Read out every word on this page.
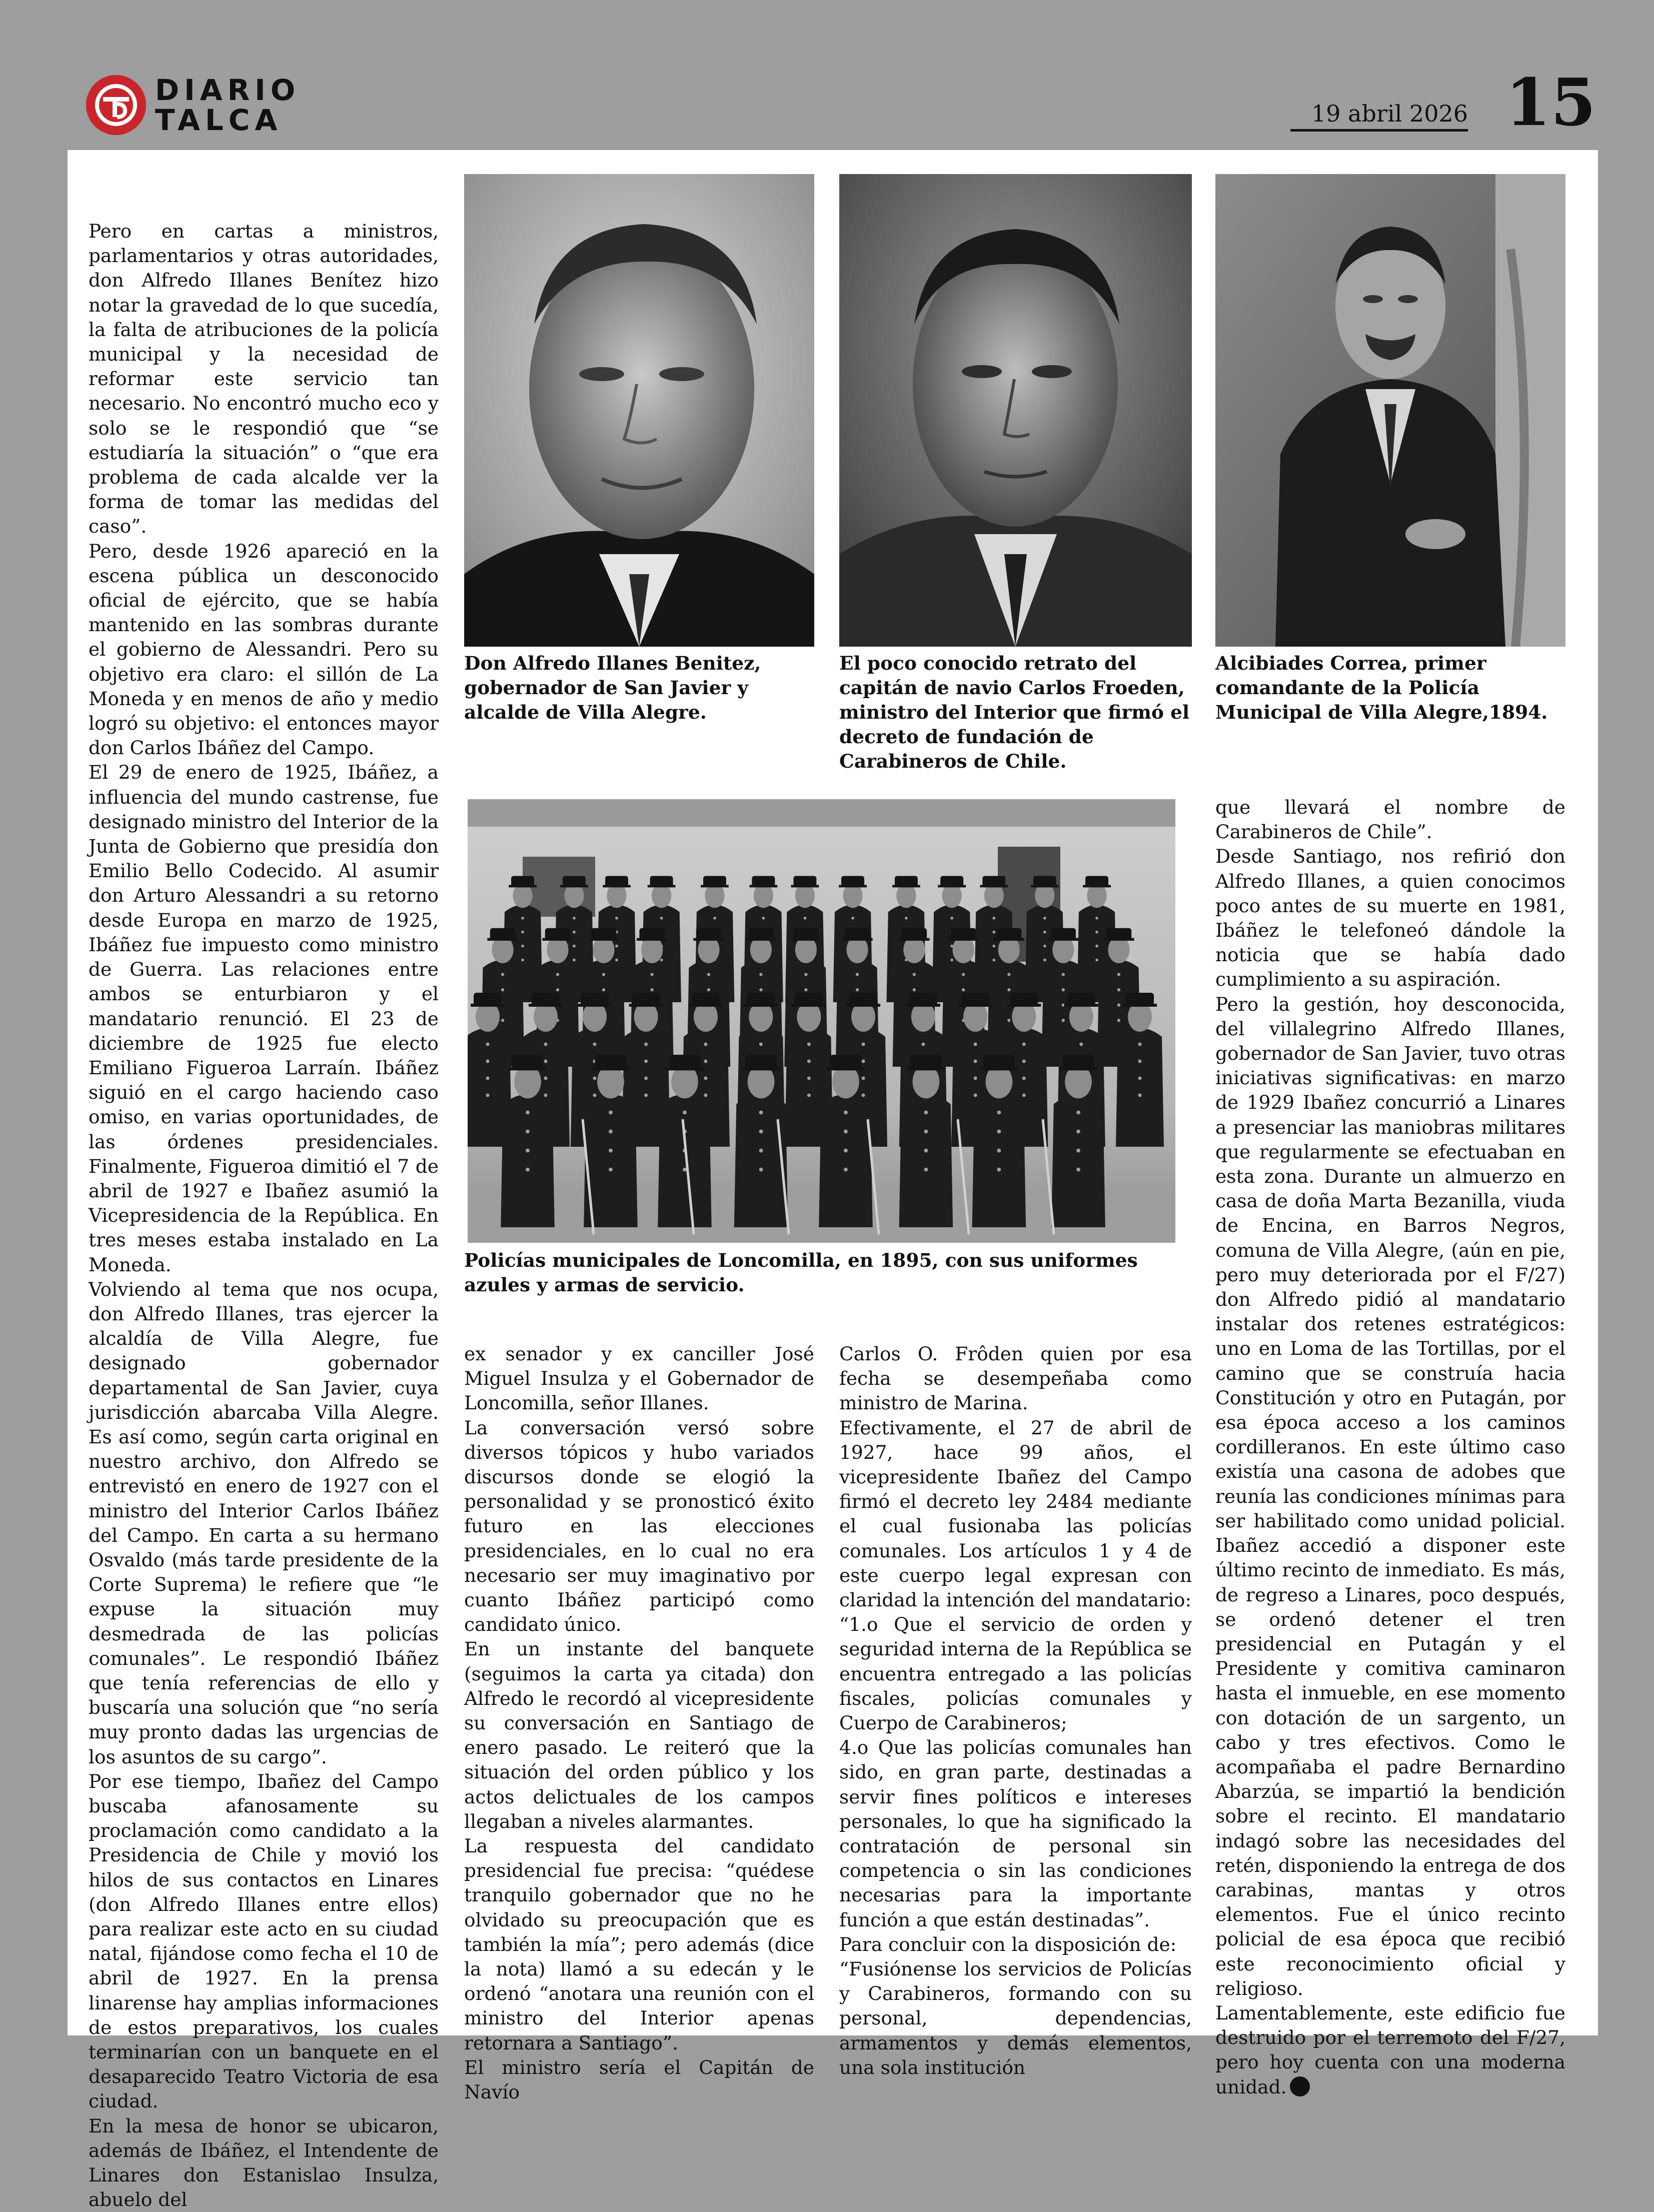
DIARIO
TALCA	19 abril 2026 15

Pero en cartas a ministros, parlamentarios y otras autoridades, don Alfredo Illanes Benítez hizo notar la gravedad de lo que sucedía, la falta de atribuciones de la policía municipal y la necesidad de reformar este servicio tan necesario. No encontró mucho eco y solo se le respondió que “se estudiaría la situación” o “que era problema de cada alcalde ver la forma de tomar las medidas del caso”.

Pero, desde 1926 apareció en la escena pública un desconocido oficial de ejército, que se había mantenido en las sombras durante el gobierno de Alessandri. Pero su objetivo era claro: el sillón de La Moneda y en menos de año y medio logró su objetivo: el entonces mayor don Carlos Ibáñez del Campo.

El 29 de enero de 1925, Ibáñez, a influencia del mundo castrense, fue designado ministro del Interior de la Junta de Gobierno que presidía don Emilio Bello Codecido. Al asumir don Arturo Alessandri a su retorno desde Europa en marzo de 1925, Ibáñez fue impuesto como ministro de Guerra. Las relaciones entre ambos se enturbiaron y el mandatario renunció. El 23 de diciembre de 1925 fue electo Emiliano Figueroa Larraín. Ibáñez siguió en el cargo haciendo caso omiso, en varias oportunidades, de las órdenes presidenciales. Finalmente, Figueroa dimitió el 7 de abril de 1927 e Ibañez asumió la Vicepresidencia de la República. En tres meses estaba instalado en La Moneda.

Volviendo al tema que nos ocupa, don Alfredo Illanes, tras ejercer la alcaldía de Villa Alegre, fue designado gobernador departamental de San Javier, cuya jurisdicción abarcaba Villa Alegre. Es así como, según carta original en nuestro archivo, don Alfredo se entrevistó en enero de 1927 con el ministro del Interior Carlos Ibáñez del Campo. En carta a su hermano Osvaldo (más tarde presidente de la Corte Suprema) le refiere que “le expuse la situación muy desmedrada de las policías comunales”. Le respondió Ibáñez que tenía referencias de ello y buscaría una solución que “no sería muy pronto dadas las urgencias de los asuntos de su cargo”.

Por ese tiempo, Ibañez del Campo buscaba afanosamente su proclamación como candidato a la Presidencia de Chile y movió los hilos de sus contactos en Linares (don Alfredo Illanes entre ellos) para realizar este acto en su ciudad natal, fijándose como fecha el 10 de abril de 1927. En la prensa linarense hay amplias informaciones de estos preparativos, los cuales terminarían con un banquete en el desaparecido Teatro Victoria de esa ciudad.

En la mesa de honor se ubicaron, además de Ibáñez, el Intendente de Linares don Estanislao Insulza, abuelo del

Don Alfredo Illanes Benitez, gobernador de San Javier y alcalde de Villa Alegre.
El poco conocido retrato del capitán de navio Carlos Froeden, ministro del Interior que firmó el decreto de fundación de Carabineros de Chile.
Alcibiades Correa, primer comandante de la Policía Municipal de Villa Alegre,1894.
Policías municipales de Loncomilla, en 1895, con sus uniformes azules y armas de servicio.

ex senador y ex canciller José Miguel Insulza y el Gobernador de Loncomilla, señor Illanes.

La conversación versó sobre diversos tópicos y hubo variados discursos donde se elogió la personalidad y se pronosticó éxito futuro en las elecciones presidenciales, en lo cual no era necesario ser muy imaginativo por cuanto Ibáñez participó como candidato único.

En un instante del banquete (seguimos la carta ya citada) don Alfredo le recordó al vicepresidente su conversación en Santiago de enero pasado. Le reiteró que la situación del orden público y los actos delictuales de los campos llegaban a niveles alarmantes.

La respuesta del candidato presidencial fue precisa: “quédese tranquilo gobernador que no he olvidado su preocupación que es también la mía”; pero además (dice la nota) llamó a su edecán y le ordenó “anotara una reunión con el ministro del Interior apenas retornara a Santiago”.

El ministro sería el Capitán de Navío

Carlos O. Frôden quien por esa fecha se desempeñaba como ministro de Marina.

Efectivamente, el 27 de abril de 1927, hace 99 años, el vicepresidente Ibañez del Campo firmó el decreto ley 2484 mediante el cual fusionaba las policías comunales. Los artículos 1 y 4 de este cuerpo legal expresan con claridad la intención del mandatario:

“1.o Que el servicio de orden y seguridad interna de la República se encuentra entregado a las policías fiscales, policías comunales y Cuerpo de Carabineros;

4.o Que las policías comunales han sido, en gran parte, destinadas a servir fines políticos e intereses personales, lo que ha significado la contratación de personal sin competencia o sin las condiciones necesarias para la importante función a que están destinadas”.

Para concluir con la disposición de:

“Fusiónense los servicios de Policías y Carabineros, formando con su personal, dependencias, armamentos y demás elementos, una sola institución

que llevará el nombre de Carabineros de Chile”.

Desde Santiago, nos refirió don Alfredo Illanes, a quien conocimos poco antes de su muerte en 1981, Ibáñez le telefoneó dándole la noticia que se había dado cumplimiento a su aspiración.

Pero la gestión, hoy desconocida, del villalegrino Alfredo Illanes, gobernador de San Javier, tuvo otras iniciativas significativas: en marzo de 1929 Ibañez concurrió a Linares a presenciar las maniobras militares que regularmente se efectuaban en esta zona. Durante un almuerzo en casa de doña Marta Bezanilla, viuda de Encina, en Barros Negros, comuna de Villa Alegre, (aún en pie, pero muy deteriorada por el F/27) don Alfredo pidió al mandatario instalar dos retenes estratégicos: uno en Loma de las Tortillas, por el camino que se construía hacia Constitución y otro en Putagán, por esa época acceso a los caminos cordilleranos. En este último caso existía una casona de adobes que reunía las condiciones mínimas para ser habilitado como unidad policial. Ibañez accedió a disponer este último recinto de inmediato. Es más, de regreso a Linares, poco después, se ordenó detener el tren presidencial en Putagán y el Presidente y comitiva caminaron hasta el inmueble, en ese momento con dotación de un sargento, un cabo y tres efectivos. Como le acompañaba el padre Bernardino Abarzúa, se impartió la bendición sobre el recinto. El mandatario indagó sobre las necesidades del retén, disponiendo la entrega de dos carabinas, mantas y otros elementos. Fue el único recinto policial de esa época que recibió este reconocimiento oficial y religioso.

Lamentablemente, este edificio fue destruido por el terremoto del F/27, pero hoy cuenta con una moderna unidad.
